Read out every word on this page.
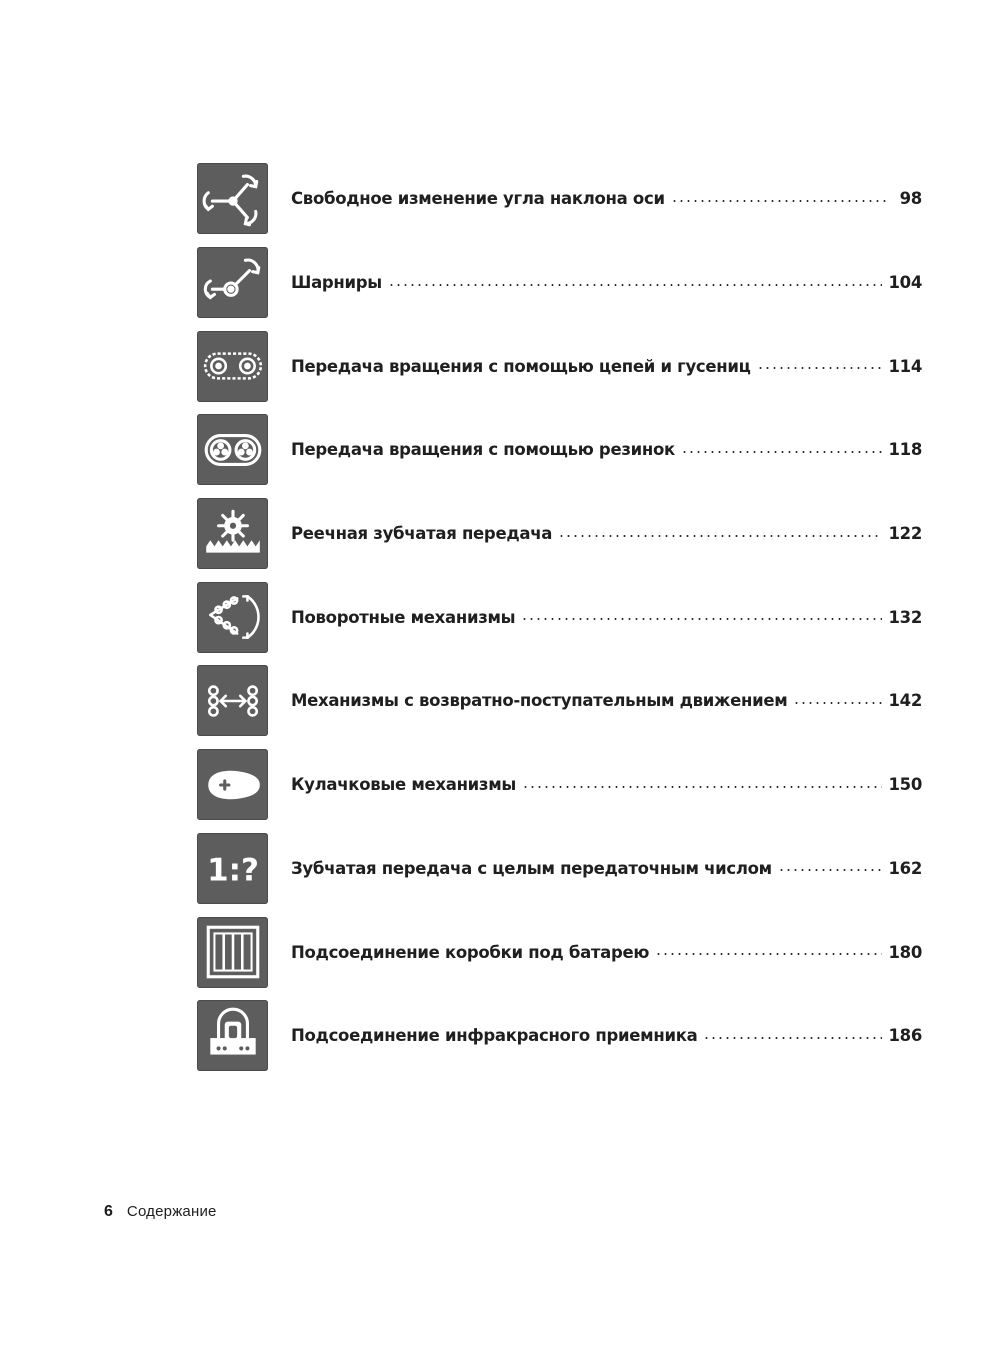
Свободное изменение угла наклона оси	98
Шарниры	104
Передача вращения с помощью цепей и гусениц	114
Передача вращения с помощью резинок	118
Реечная зубчатая передача	122
Поворотные механизмы	132
Механизмы с возвратно-поступательным движением	142
Кулачковые механизмы	150
1:? Зубчатая передача с целым передаточным числом	162
Подсоединение коробки под батарею	180
Подсоединение инфракрасного приемника	186
6 Содержание
